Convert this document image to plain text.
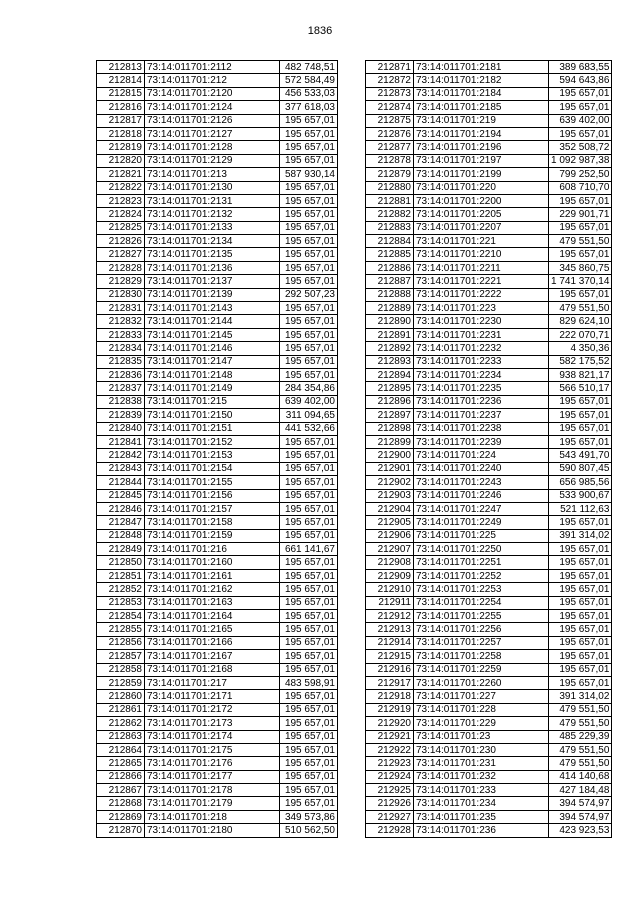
1836
212813	73:14:011701:2112	482 748,51
212814	73:14:011701:212	572 584,49
212815	73:14:011701:2120	456 533,03
212816	73:14:011701:2124	377 618,03
212817	73:14:011701:2126	195 657,01
212818	73:14:011701:2127	195 657,01
212819	73:14:011701:2128	195 657,01
212820	73:14:011701:2129	195 657,01
212821	73:14:011701:213	587 930,14
212822	73:14:011701:2130	195 657,01
212823	73:14:011701:2131	195 657,01
212824	73:14:011701:2132	195 657,01
212825	73:14:011701:2133	195 657,01
212826	73:14:011701:2134	195 657,01
212827	73:14:011701:2135	195 657,01
212828	73:14:011701:2136	195 657,01
212829	73:14:011701:2137	195 657,01
212830	73:14:011701:2139	292 507,23
212831	73:14:011701:2143	195 657,01
212832	73:14:011701:2144	195 657,01
212833	73:14:011701:2145	195 657,01
212834	73:14:011701:2146	195 657,01
212835	73:14:011701:2147	195 657,01
212836	73:14:011701:2148	195 657,01
212837	73:14:011701:2149	284 354,86
212838	73:14:011701:215	639 402,00
212839	73:14:011701:2150	311 094,65
212840	73:14:011701:2151	441 532,66
212841	73:14:011701:2152	195 657,01
212842	73:14:011701:2153	195 657,01
212843	73:14:011701:2154	195 657,01
212844	73:14:011701:2155	195 657,01
212845	73:14:011701:2156	195 657,01
212846	73:14:011701:2157	195 657,01
212847	73:14:011701:2158	195 657,01
212848	73:14:011701:2159	195 657,01
212849	73:14:011701:216	661 141,67
212850	73:14:011701:2160	195 657,01
212851	73:14:011701:2161	195 657,01
212852	73:14:011701:2162	195 657,01
212853	73:14:011701:2163	195 657,01
212854	73:14:011701:2164	195 657,01
212855	73:14:011701:2165	195 657,01
212856	73:14:011701:2166	195 657,01
212857	73:14:011701:2167	195 657,01
212858	73:14:011701:2168	195 657,01
212859	73:14:011701:217	483 598,91
212860	73:14:011701:2171	195 657,01
212861	73:14:011701:2172	195 657,01
212862	73:14:011701:2173	195 657,01
212863	73:14:011701:2174	195 657,01
212864	73:14:011701:2175	195 657,01
212865	73:14:011701:2176	195 657,01
212866	73:14:011701:2177	195 657,01
212867	73:14:011701:2178	195 657,01
212868	73:14:011701:2179	195 657,01
212869	73:14:011701:218	349 573,86
212870	73:14:011701:2180	510 562,50
212871	73:14:011701:2181	389 683,55
212872	73:14:011701:2182	594 643,86
212873	73:14:011701:2184	195 657,01
212874	73:14:011701:2185	195 657,01
212875	73:14:011701:219	639 402,00
212876	73:14:011701:2194	195 657,01
212877	73:14:011701:2196	352 508,72
212878	73:14:011701:2197	1 092 987,38
212879	73:14:011701:2199	799 252,50
212880	73:14:011701:220	608 710,70
212881	73:14:011701:2200	195 657,01
212882	73:14:011701:2205	229 901,71
212883	73:14:011701:2207	195 657,01
212884	73:14:011701:221	479 551,50
212885	73:14:011701:2210	195 657,01
212886	73:14:011701:2211	345 860,75
212887	73:14:011701:2221	1 741 370,14
212888	73:14:011701:2222	195 657,01
212889	73:14:011701:223	479 551,50
212890	73:14:011701:2230	829 624,10
212891	73:14:011701:2231	222 070,71
212892	73:14:011701:2232	4 350,36
212893	73:14:011701:2233	582 175,52
212894	73:14:011701:2234	938 821,17
212895	73:14:011701:2235	566 510,17
212896	73:14:011701:2236	195 657,01
212897	73:14:011701:2237	195 657,01
212898	73:14:011701:2238	195 657,01
212899	73:14:011701:2239	195 657,01
212900	73:14:011701:224	543 491,70
212901	73:14:011701:2240	590 807,45
212902	73:14:011701:2243	656 985,56
212903	73:14:011701:2246	533 900,67
212904	73:14:011701:2247	521 112,63
212905	73:14:011701:2249	195 657,01
212906	73:14:011701:225	391 314,02
212907	73:14:011701:2250	195 657,01
212908	73:14:011701:2251	195 657,01
212909	73:14:011701:2252	195 657,01
212910	73:14:011701:2253	195 657,01
212911	73:14:011701:2254	195 657,01
212912	73:14:011701:2255	195 657,01
212913	73:14:011701:2256	195 657,01
212914	73:14:011701:2257	195 657,01
212915	73:14:011701:2258	195 657,01
212916	73:14:011701:2259	195 657,01
212917	73:14:011701:2260	195 657,01
212918	73:14:011701:227	391 314,02
212919	73:14:011701:228	479 551,50
212920	73:14:011701:229	479 551,50
212921	73:14:011701:23	485 229,39
212922	73:14:011701:230	479 551,50
212923	73:14:011701:231	479 551,50
212924	73:14:011701:232	414 140,68
212925	73:14:011701:233	427 184,48
212926	73:14:011701:234	394 574,97
212927	73:14:011701:235	394 574,97
212928	73:14:011701:236	423 923,53
